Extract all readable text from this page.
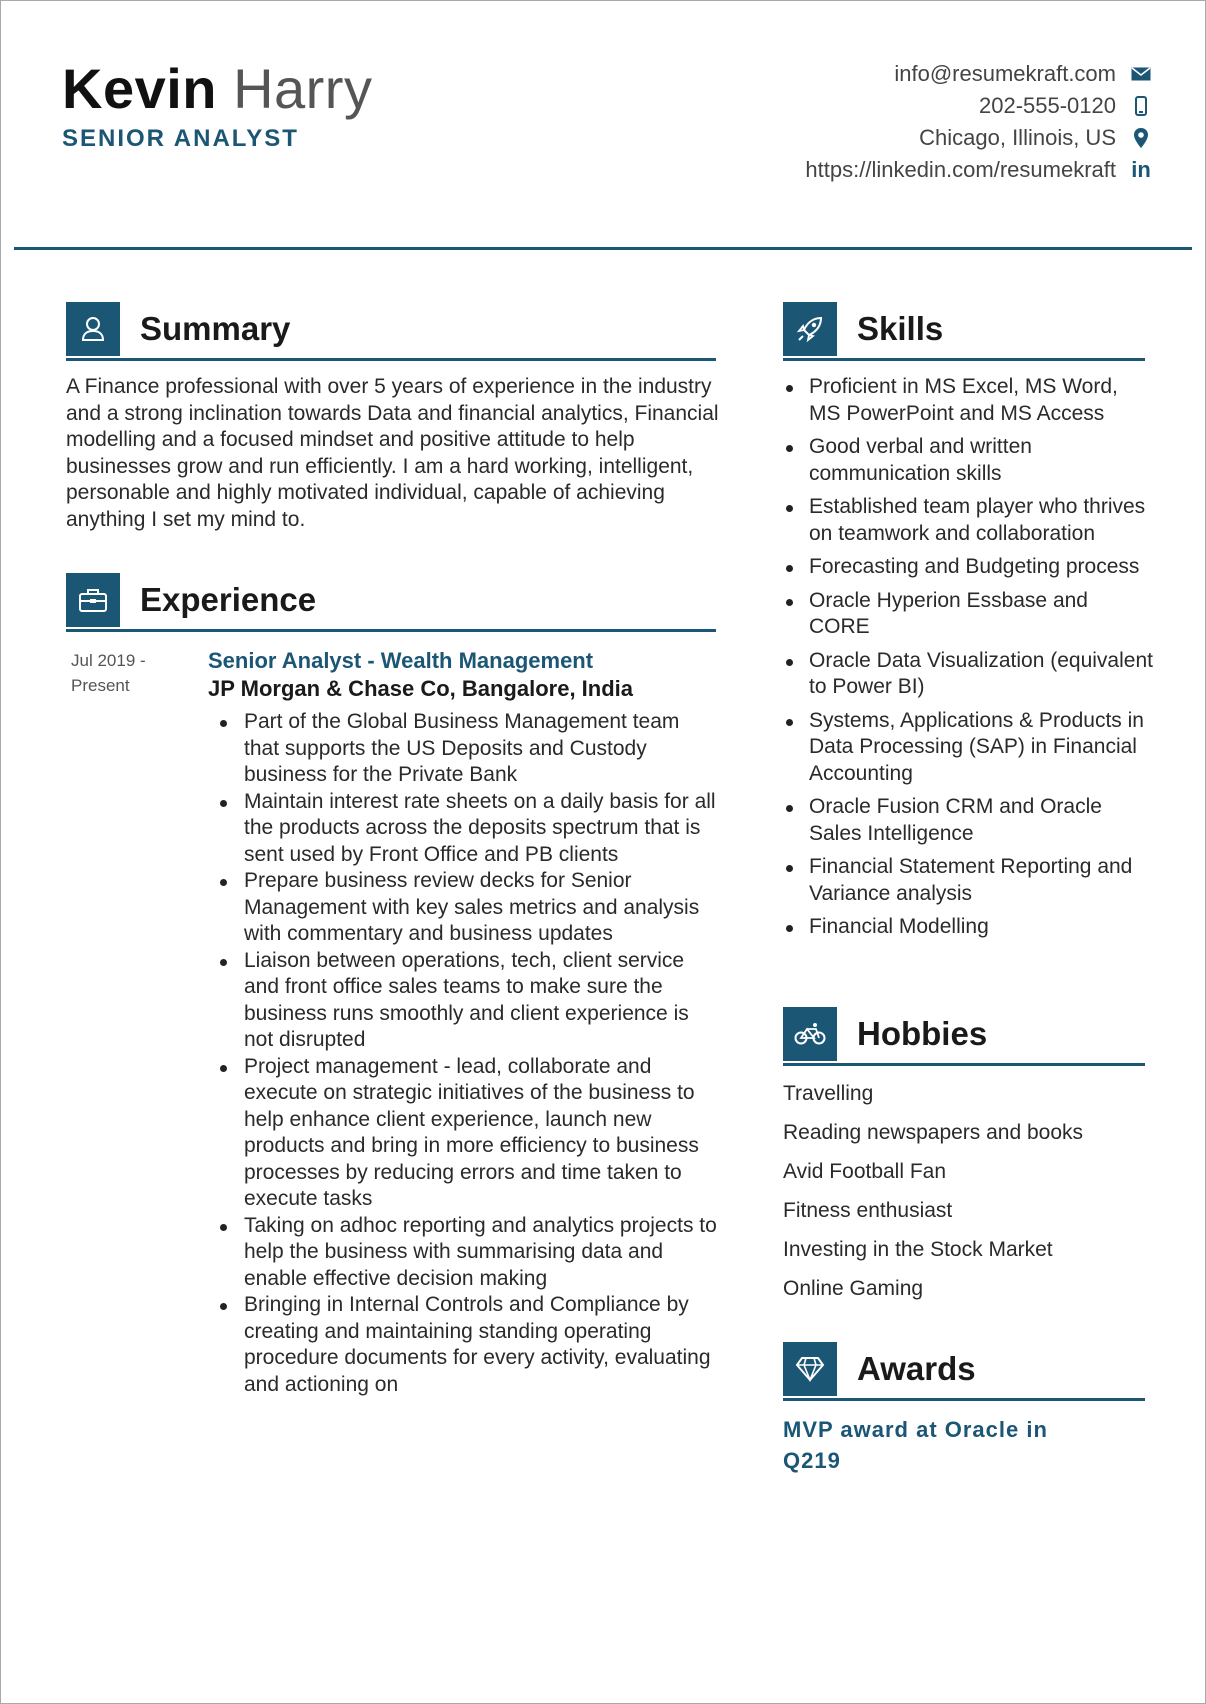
Kevin Harry
SENIOR ANALYST
info@resumekraft.com
202-555-0120
Chicago, Illinois, US
https://linkedin.com/resumekraft in
Summary

A Finance professional with over 5 years of experience in the industry and a strong inclination towards Data and financial analytics, Financial modelling and a focused mindset and positive attitude to help businesses grow and run efficiently. I am a hard working, intelligent, personable and highly motivated individual, capable of achieving anything I set my mind to.

Experience
Jul 2019 -
Present
Senior Analyst - Wealth Management
JP Morgan & Chase Co, Bangalore, India
Part of the Global Business Management team that supports the US Deposits and Custody business for the Private Bank
Maintain interest rate sheets on a daily basis for all the products across the deposits spectrum that is sent used by Front Office and PB clients
Prepare business review decks for Senior Management with key sales metrics and analysis with commentary and business updates
Liaison between operations, tech, client service and front office sales teams to make sure the business runs smoothly and client experience is not disrupted
Project management - lead, collaborate and execute on strategic initiatives of the business to help enhance client experience, launch new products and bring in more efficiency to business processes by reducing errors and time taken to execute tasks
Taking on adhoc reporting and analytics projects to help the business with summarising data and enable effective decision making
Bringing in Internal Controls and Compliance by creating and maintaining standing operating procedure documents for every activity, evaluating and actioning on
Skills
Proficient in MS Excel, MS Word, MS PowerPoint and MS Access
Good verbal and written communication skills
Established team player who thrives on teamwork and collaboration
Forecasting and Budgeting process
Oracle Hyperion Essbase and CORE
Oracle Data Visualization (equivalent to Power BI)
Systems, Applications & Products in Data Processing (SAP) in Financial Accounting
Oracle Fusion CRM and Oracle Sales Intelligence
Financial Statement Reporting and Variance analysis
Financial Modelling
Hobbies
Travelling
Reading newspapers and books
Avid Football Fan
Fitness enthusiast
Investing in the Stock Market
Online Gaming
Awards

MVP award at Oracle in Q219
